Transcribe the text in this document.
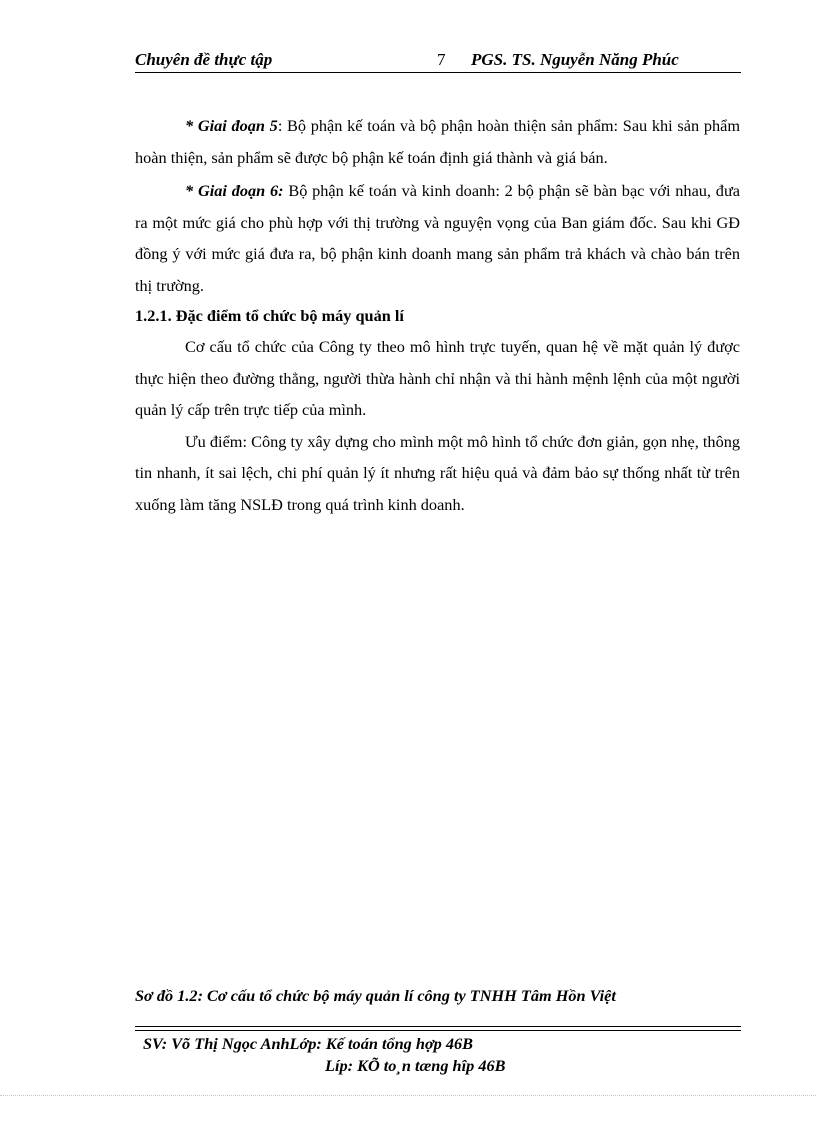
Chuyên đề thực tập	7 PGS. TS. Nguyễn Năng Phúc

* Giai đoạn 5: Bộ phận kế toán và bộ phận hoàn thiện sản phẩm: Sau khi sản phẩm hoàn thiện, sản phẩm sẽ được bộ phận kế toán định giá thành và giá bán.

* Giai đoạn 6: Bộ phận kế toán và kinh doanh: 2 bộ phận sẽ bàn bạc với nhau, đưa ra một mức giá cho phù hợp với thị trường và nguyện vọng của Ban giám đốc. Sau khi GĐ đồng ý với mức giá đưa ra, bộ phận kinh doanh mang sản phẩm trả khách và chào bán trên thị trường.

1.2.1. Đặc điểm tổ chức bộ máy quản lí

Cơ cấu tổ chức của Công ty theo mô hình trực tuyến, quan hệ về mặt quản lý được thực hiện theo đường thẳng, người thừa hành chỉ nhận và thi hành mệnh lệnh của một người quản lý cấp trên trực tiếp của mình.

Ưu điểm: Công ty xây dựng cho mình một mô hình tổ chức đơn giản, gọn nhẹ, thông tin nhanh, ít sai lệch, chi phí quản lý ít nhưng rất hiệu quả và đảm bảo sự thống nhất từ trên xuống làm tăng NSLĐ trong quá trình kinh doanh.

Sơ đồ 1.2: Cơ cấu tổ chức bộ máy quản lí công ty TNHH Tâm Hồn Việt
SV: Võ Thị Ngọc AnhLớp: Kế toán tổng hợp 46B
Líp: KÕ to¸n tæng hîp 46B
